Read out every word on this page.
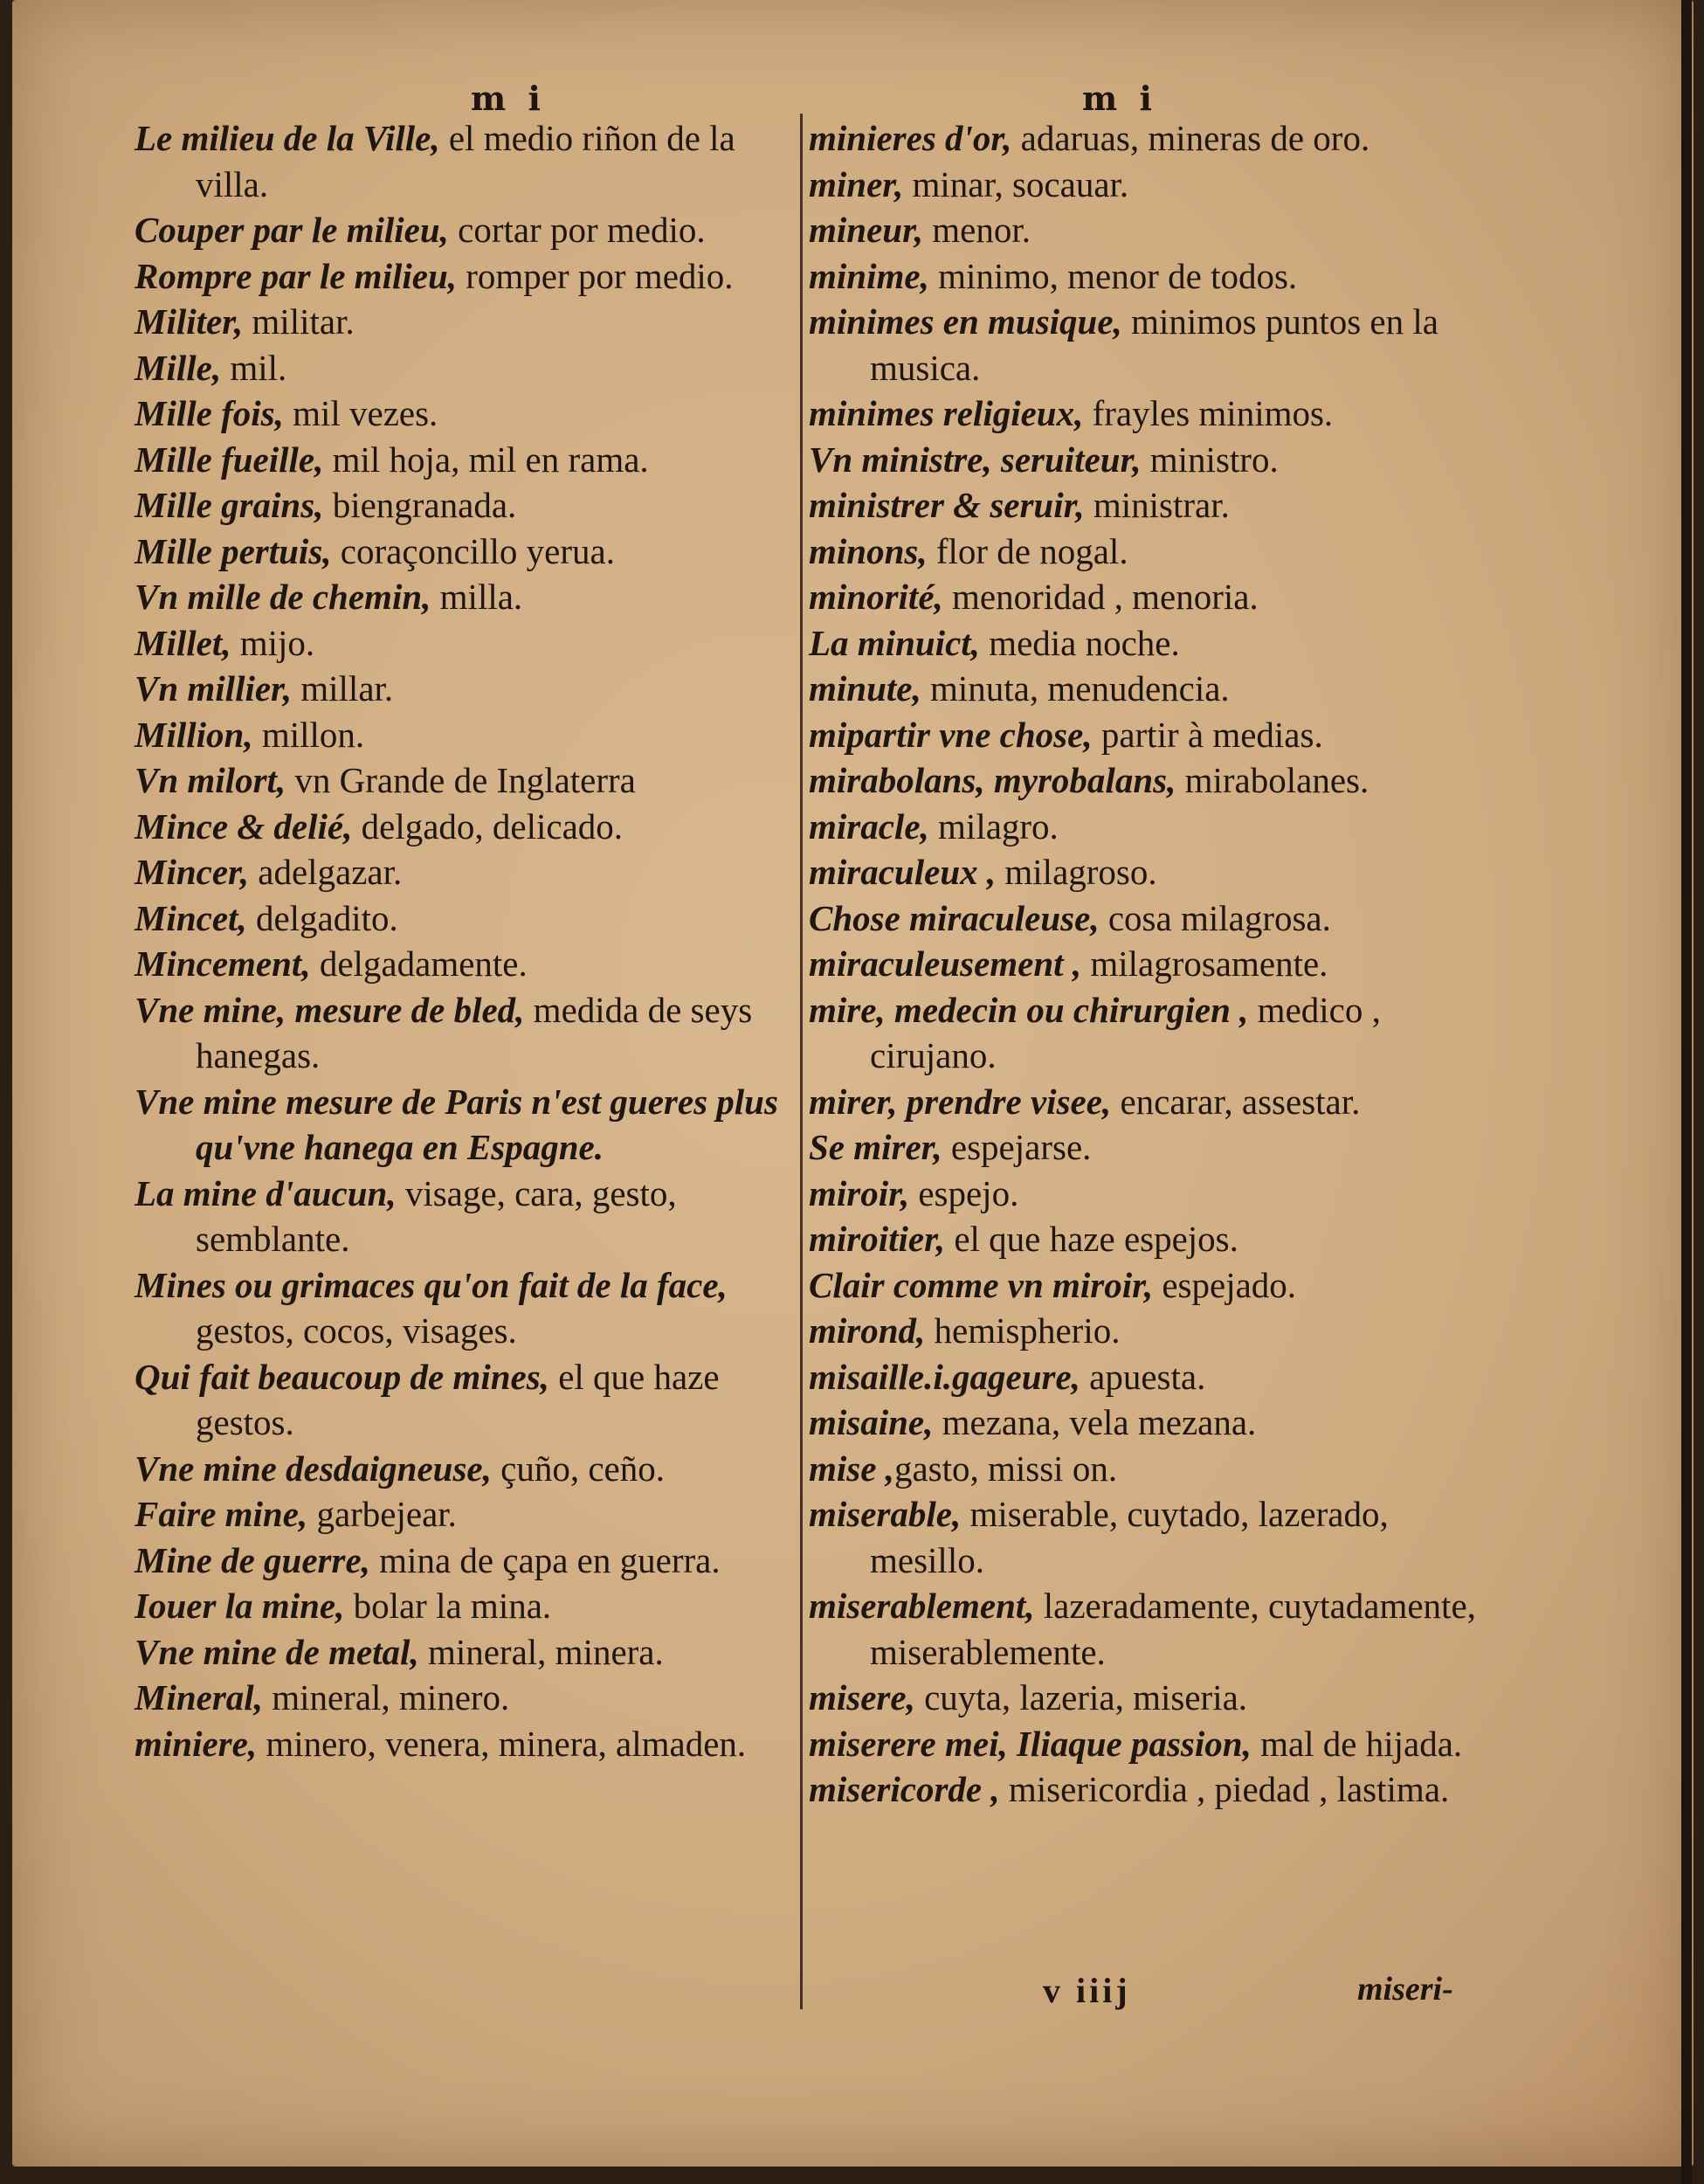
m i	m i
Le milieu de la Ville, el medio riñon de la villa.
Couper par le milieu, cortar por medio.
Rompre par le milieu, romper por medio.
Militer, militar.
Mille, mil.
Mille fois, mil vezes.
Mille fueille, mil hoja, mil en rama.
Mille grains, biengranada.
Mille pertuis, coraçoncillo yerua.
Vn mille de chemin, milla.
Millet, mijo.
Vn millier, millar.
Million, millon.
Vn milort, vn Grande de Inglaterra
Mince & delié, delgado, delicado.
Mincer, adelgazar.
Mincet, delgadito.
Mincement, delgadamente.
Vne mine, mesure de bled, medida de seys hanegas.
Vne mine mesure de Paris n'est gueres plus qu'vne hanega en Espagne.
La mine d'aucun, visage, cara, gesto, semblante.
Mines ou grimaces qu'on fait de la face, gestos, cocos, visages.
Qui fait beaucoup de mines, el que haze gestos.
Vne mine desdaigneuse, çuño, ceño.
Faire mine, garbejear.
Mine de guerre, mina de çapa en guerra.
Iouer la mine, bolar la mina.
Vne mine de metal, mineral, minera.
Mineral, mineral, minero.
miniere, minero, venera, minera, almaden.
minieres d'or, adaruas, mineras de oro.
miner, minar, socauar.
mineur, menor.
minime, minimo, menor de todos.
minimes en musique, minimos puntos en la musica.
minimes religieux, frayles minimos.
Vn ministre, seruiteur, ministro.
ministrer & seruir, ministrar.
minons, flor de nogal.
minorité, menoridad , menoria.
La minuict, media noche.
minute, minuta, menudencia.
mipartir vne chose, partir à medias.
mirabolans, myrobalans, mirabolanes.
miracle, milagro.
miraculeux , milagroso.
Chose miraculeuse, cosa milagrosa.
miraculeusement , milagrosamente.
mire, medecin ou chirurgien , medico , cirujano.
mirer, prendre visee, encarar, assestar.
Se mirer, espejarse.
miroir, espejo.
miroitier, el que haze espejos.
Clair comme vn miroir, espejado.
mirond, hemispherio.
misaille.i.gageure, apuesta.
misaine, mezana, vela mezana.
mise ,gasto, missi on.
miserable, miserable, cuytado, lazerado, mesillo.
miserablement, lazeradamente, cuytadamente, miserablemente.
misere, cuyta, lazeria, miseria.
miserere mei, Iliaque passion, mal de hijada.
misericorde , misericordia , piedad , lastima.
v iiij	miseri-
